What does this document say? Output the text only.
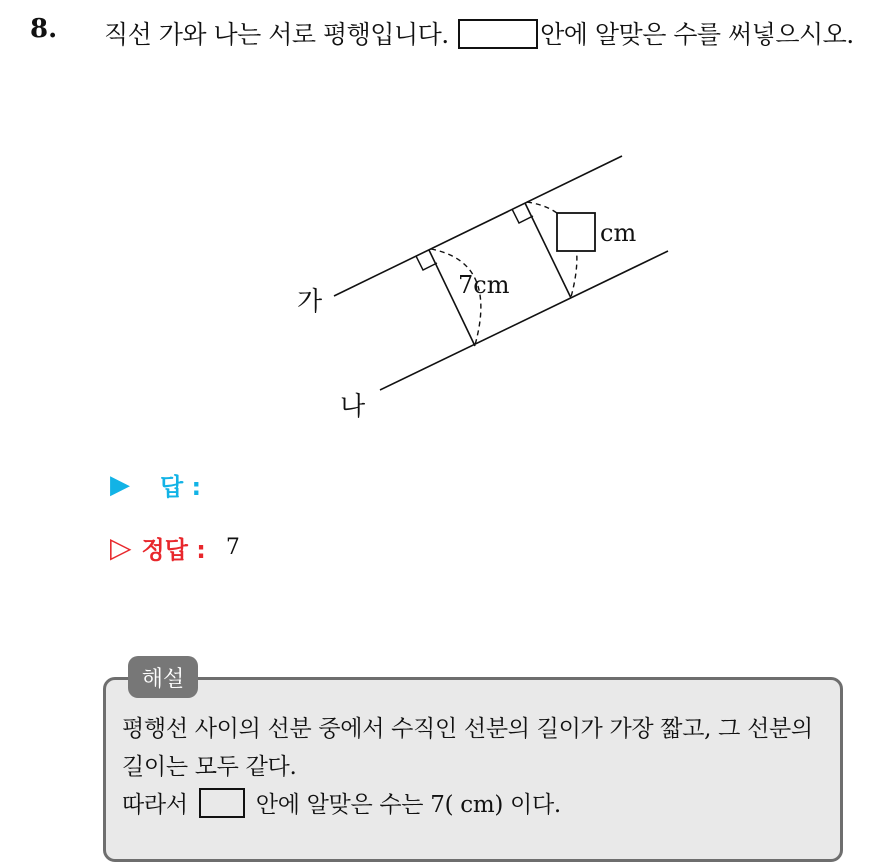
8. 직선 가와 나는 서로 평행입니다.	안에 알맞은 수를 써넣으시오.
cm
7cm
가
나
▶ 답 :
▷ 정답 : 7
해설
평행선 사이의 선분 중에서 수직인 선분의 길이가 가장 짧고, 그 선분의 길이는 모두 같다.
따라서  안에 알맞은 수는 7( cm) 이다.
